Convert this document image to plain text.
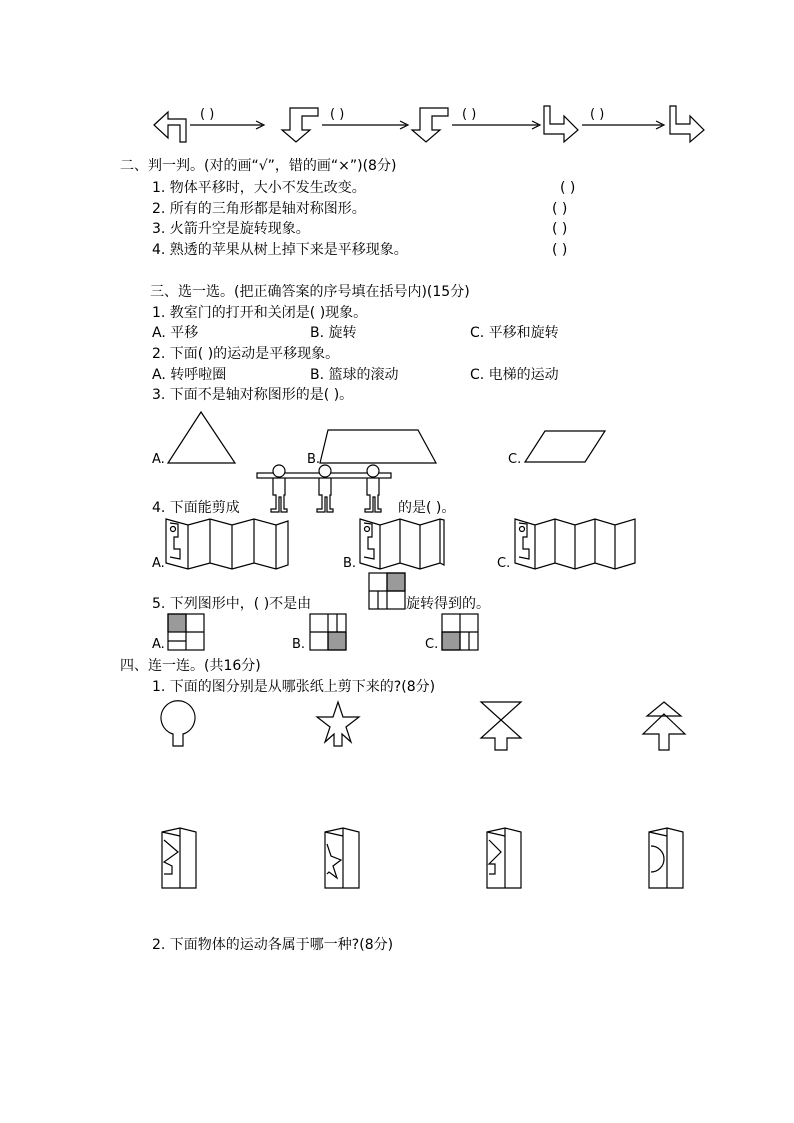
( )	( )	( )	( )
二、判一判。(对的画“√”，错的画“×”)(8分)
1. 物体平移时，大小不发生改变。	( )
2. 所有的三角形都是轴对称图形。	( )
3. 火箭升空是旋转现象。	( )
4. 熟透的苹果从树上掉下来是平移现象。	( )
三、选一选。(把正确答案的序号填在括号内)(15分)
1. 教室门的打开和关闭是( )现象。
A. 平移	B. 旋转	C. 平移和旋转
2. 下面( )的运动是平移现象。
A. 转呼啦圈	B. 篮球的滚动	C. 电梯的运动
3. 下面不是轴对称图形的是( )。
A.	B.	C.
4. 下面能剪成	的是( )。
A.	B.	C.
5. 下列图形中，( )不是由	旋转得到的。
A.	B.	C.
四、连一连。(共16分)
1. 下面的图分别是从哪张纸上剪下来的?(8分)
2. 下面物体的运动各属于哪一种?(8分)
